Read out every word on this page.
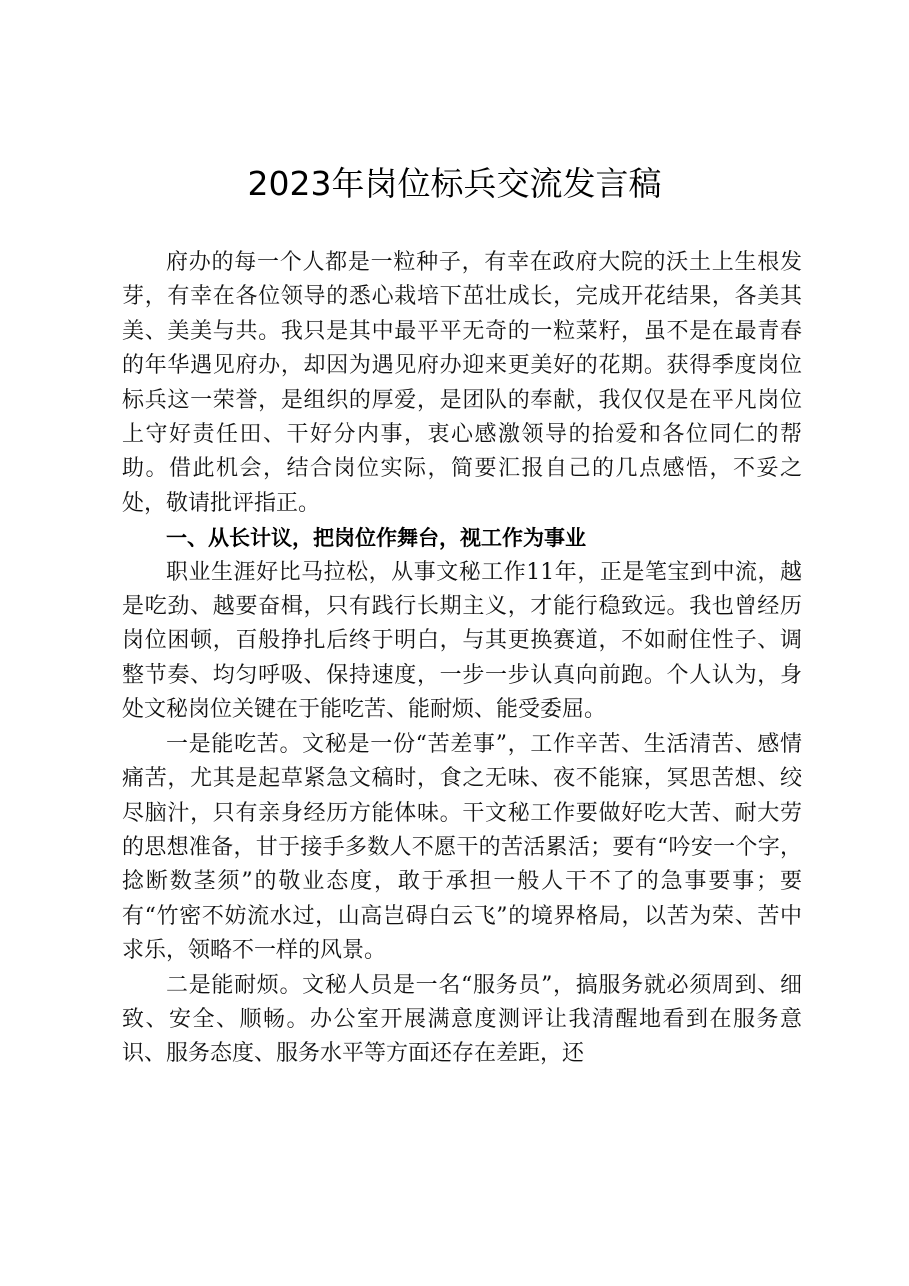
2023年岗位标兵交流发言稿

府办的每一个人都是一粒种子，有幸在政府大院的沃土上生根发芽，有幸在各位领导的悉心栽培下茁壮成长，完成开花结果，各美其美、美美与共。我只是其中最平平无奇的一粒菜籽，虽不是在最青春的年华遇见府办，却因为遇见府办迎来更美好的花期。获得季度岗位标兵这一荣誉，是组织的厚爱，是团队的奉献，我仅仅是在平凡岗位上守好责任田、干好分内事，衷心感激领导的抬爱和各位同仁的帮助。借此机会，结合岗位实际，简要汇报自己的几点感悟，不妥之处，敬请批评指正。

一、从长计议，把岗位作舞台，视工作为事业

职业生涯好比马拉松，从事文秘工作11年，正是笔宝到中流，越是吃劲、越要奋楫，只有践行长期主义，才能行稳致远。我也曾经历岗位困顿，百般挣扎后终于明白，与其更换赛道，不如耐住性子、调整节奏、均匀呼吸、保持速度，一步一步认真向前跑。个人认为，身处文秘岗位关键在于能吃苦、能耐烦、能受委屈。

一是能吃苦。文秘是一份“苦差事”，工作辛苦、生活清苦、感情痛苦，尤其是起草紧急文稿时，食之无味、夜不能寐，冥思苦想、绞尽脑汁，只有亲身经历方能体味。干文秘工作要做好吃大苦、耐大劳的思想准备，甘于接手多数人不愿干的苦活累活；要有“吟安一个字，捻断数茎须”的敬业态度，敢于承担一般人干不了的急事要事；要有“竹密不妨流水过，山高岂碍白云飞”的境界格局，以苦为荣、苦中求乐，领略不一样的风景。

二是能耐烦。文秘人员是一名“服务员”，搞服务就必须周到、细致、安全、顺畅。办公室开展满意度测评让我清醒地看到在服务意识、服务态度、服务水平等方面还存在差距，还
